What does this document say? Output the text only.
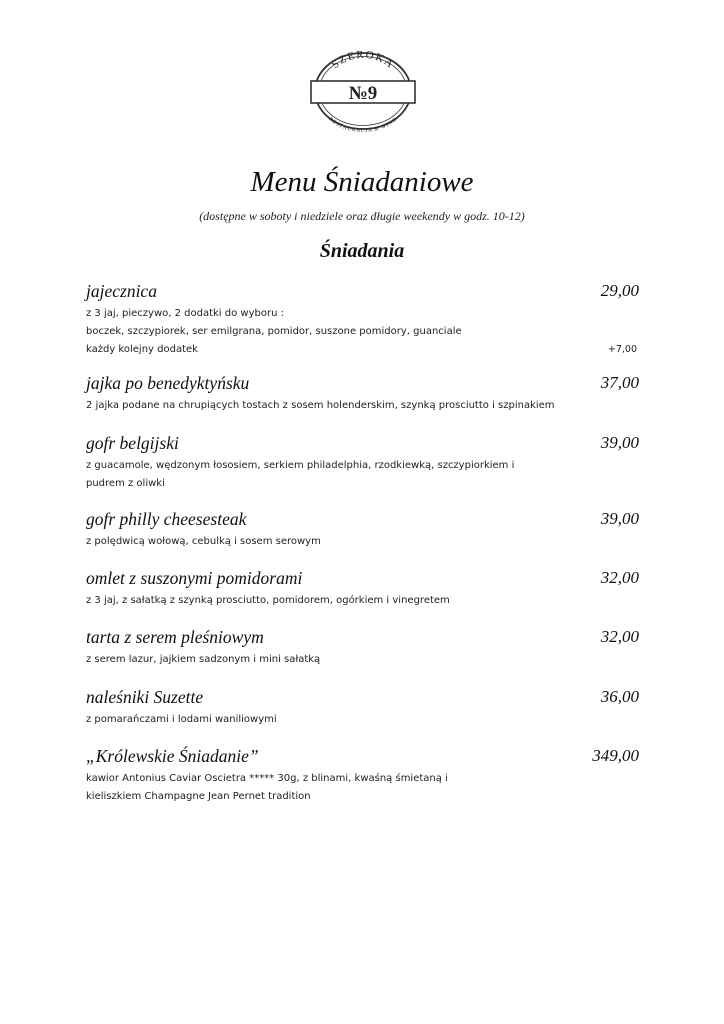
SZEROKA
№9
RESTAURACJA & WINO
Menu Śniadaniowe
(dostępne w soboty i niedziele oraz długie weekendy w godz. 10-12)
Śniadania
jajecznica	29,00
z 3 jaj, pieczywo, 2 dodatki do wyboru :
boczek, szczypiorek, ser emilgrana, pomidor, suszone pomidory, guanciale
każdy kolejny dodatek	+7,00
jajka po benedyktyńsku	37,00
2 jajka podane na chrupiących tostach z sosem holenderskim, szynką prosciutto i szpinakiem
gofr belgijski	39,00
z guacamole, wędzonym łososiem, serkiem philadelphia, rzodkiewką, szczypiorkiem i
pudrem z oliwki
gofr philly cheesesteak	39,00
z polędwicą wołową, cebulką i sosem serowym
omlet z suszonymi pomidorami	32,00
z 3 jaj, z sałatką z szynką prosciutto, pomidorem, ogórkiem i vinegretem
tarta z serem pleśniowym	32,00
z serem lazur, jajkiem sadzonym i mini sałatką
naleśniki Suzette	36,00
z pomarańczami i lodami waniliowymi
„Królewskie Śniadanie”	349,00
kawior Antonius Caviar Oscietra ***** 30g, z blinami, kwaśną śmietaną i
kieliszkiem Champagne Jean Pernet tradition
